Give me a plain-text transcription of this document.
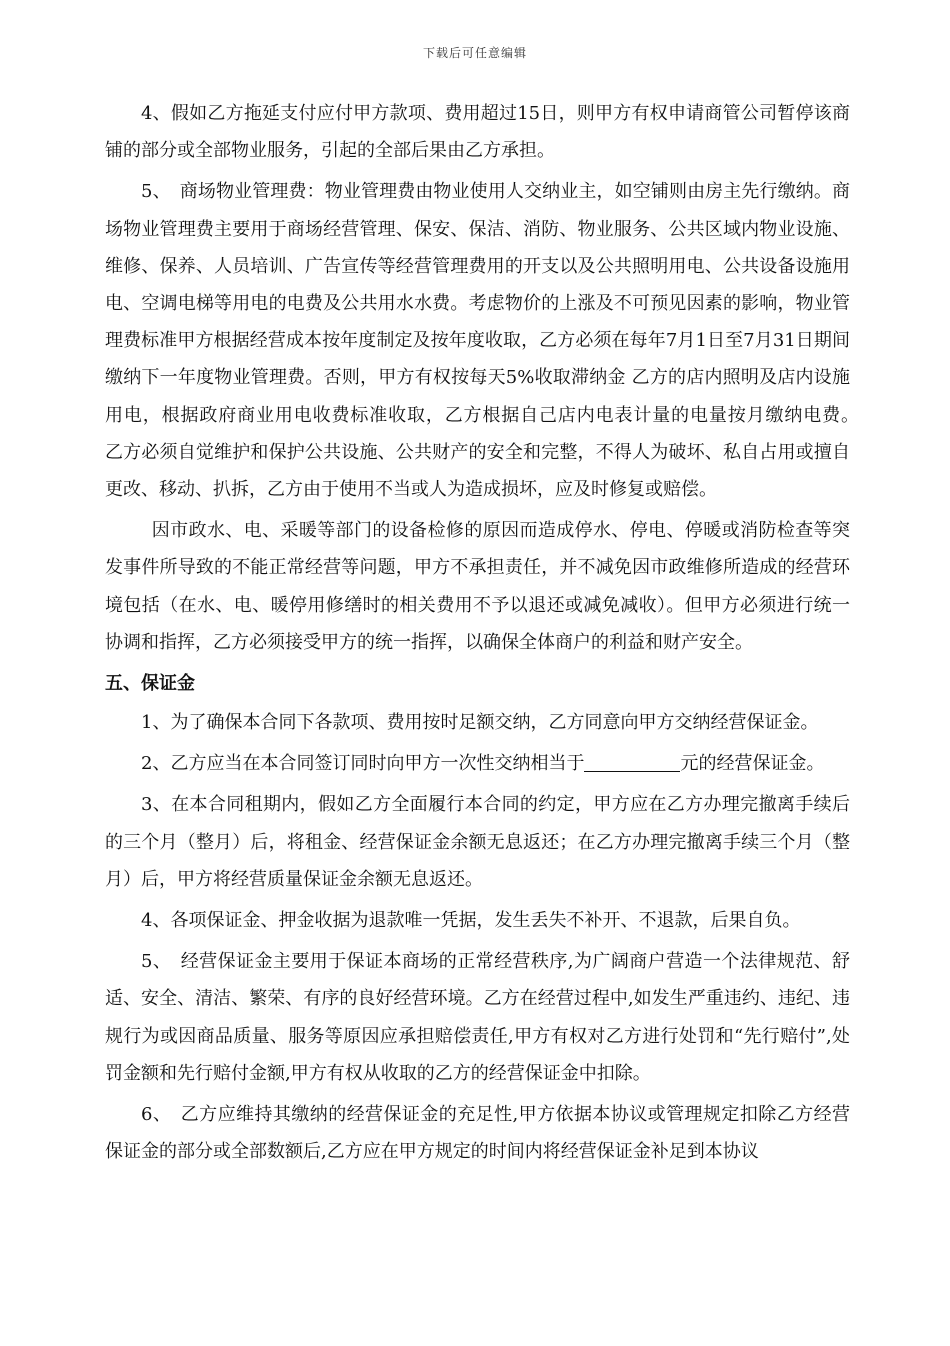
下载后可任意编辑

4、假如乙方拖延支付应付甲方款项、费用超过15日，则甲方有权申请商管公司暂停该商铺的部分或全部物业服务，引起的全部后果由乙方承担。

5、　商场物业管理费：物业管理费由物业使用人交纳业主，如空铺则由房主先行缴纳。商场物业管理费主要用于商场经营管理、保安、保洁、消防、物业服务、公共区域内物业设施、维修、保养、人员培训、广告宣传等经营管理费用的开支以及公共照明用电、公共设备设施用电、空调电梯等用电的电费及公共用水水费。考虑物价的上涨及不可预见因素的影响，物业管理费标准甲方根据经营成本按年度制定及按年度收取，乙方必须在每年7月1日至7月31日期间缴纳下一年度物业管理费。否则，甲方有权按每天5%收取滞纳金 乙方的店内照明及店内设施用电，根据政府商业用电收费标准收取，乙方根据自己店内电表计量的电量按月缴纳电费。　乙方必须自觉维护和保护公共设施、公共财产的安全和完整，不得人为破坏、私自占用或擅自更改、移动、扒拆，乙方由于使用不当或人为造成损坏，应及时修复或赔偿。

因市政水、电、采暖等部门的设备检修的原因而造成停水、停电、停暖或消防检查等突发事件所导致的不能正常经营等问题，甲方不承担责任，并不减免因市政维修所造成的经营环境包括（在水、电、暖停用修缮时的相关费用不予以退还或减免减收）。但甲方必须进行统一协调和指挥，乙方必须接受甲方的统一指挥，以确保全体商户的利益和财产安全。

五、保证金

1、为了确保本合同下各款项、费用按时足额交纳，乙方同意向甲方交纳经营保证金。

2、乙方应当在本合同签订同时向甲方一次性交纳相当于	元的经营保证金。

3、在本合同租期内，假如乙方全面履行本合同的约定，甲方应在乙方办理完撤离手续后的三个月（整月）后，将租金、经营保证金余额无息返还；在乙方办理完撤离手续三个月（整月）后，甲方将经营质量保证金余额无息返还。

4、各项保证金、押金收据为退款唯一凭据，发生丢失不补开、不退款，后果自负。

5、　经营保证金主要用于保证本商场的正常经营秩序,为广阔商户营造一个法律规范、舒适、安全、清洁、繁荣、有序的良好经营环境。乙方在经营过程中,如发生严重违约、违纪、违规行为或因商品质量、服务等原因应承担赔偿责任,甲方有权对乙方进行处罚和“先行赔付”,处罚金额和先行赔付金额,甲方有权从收取的乙方的经营保证金中扣除。

6、　乙方应维持其缴纳的经营保证金的充足性,甲方依据本协议或管理规定扣除乙方经营保证金的部分或全部数额后,乙方应在甲方规定的时间内将经营保证金补足到本协议
